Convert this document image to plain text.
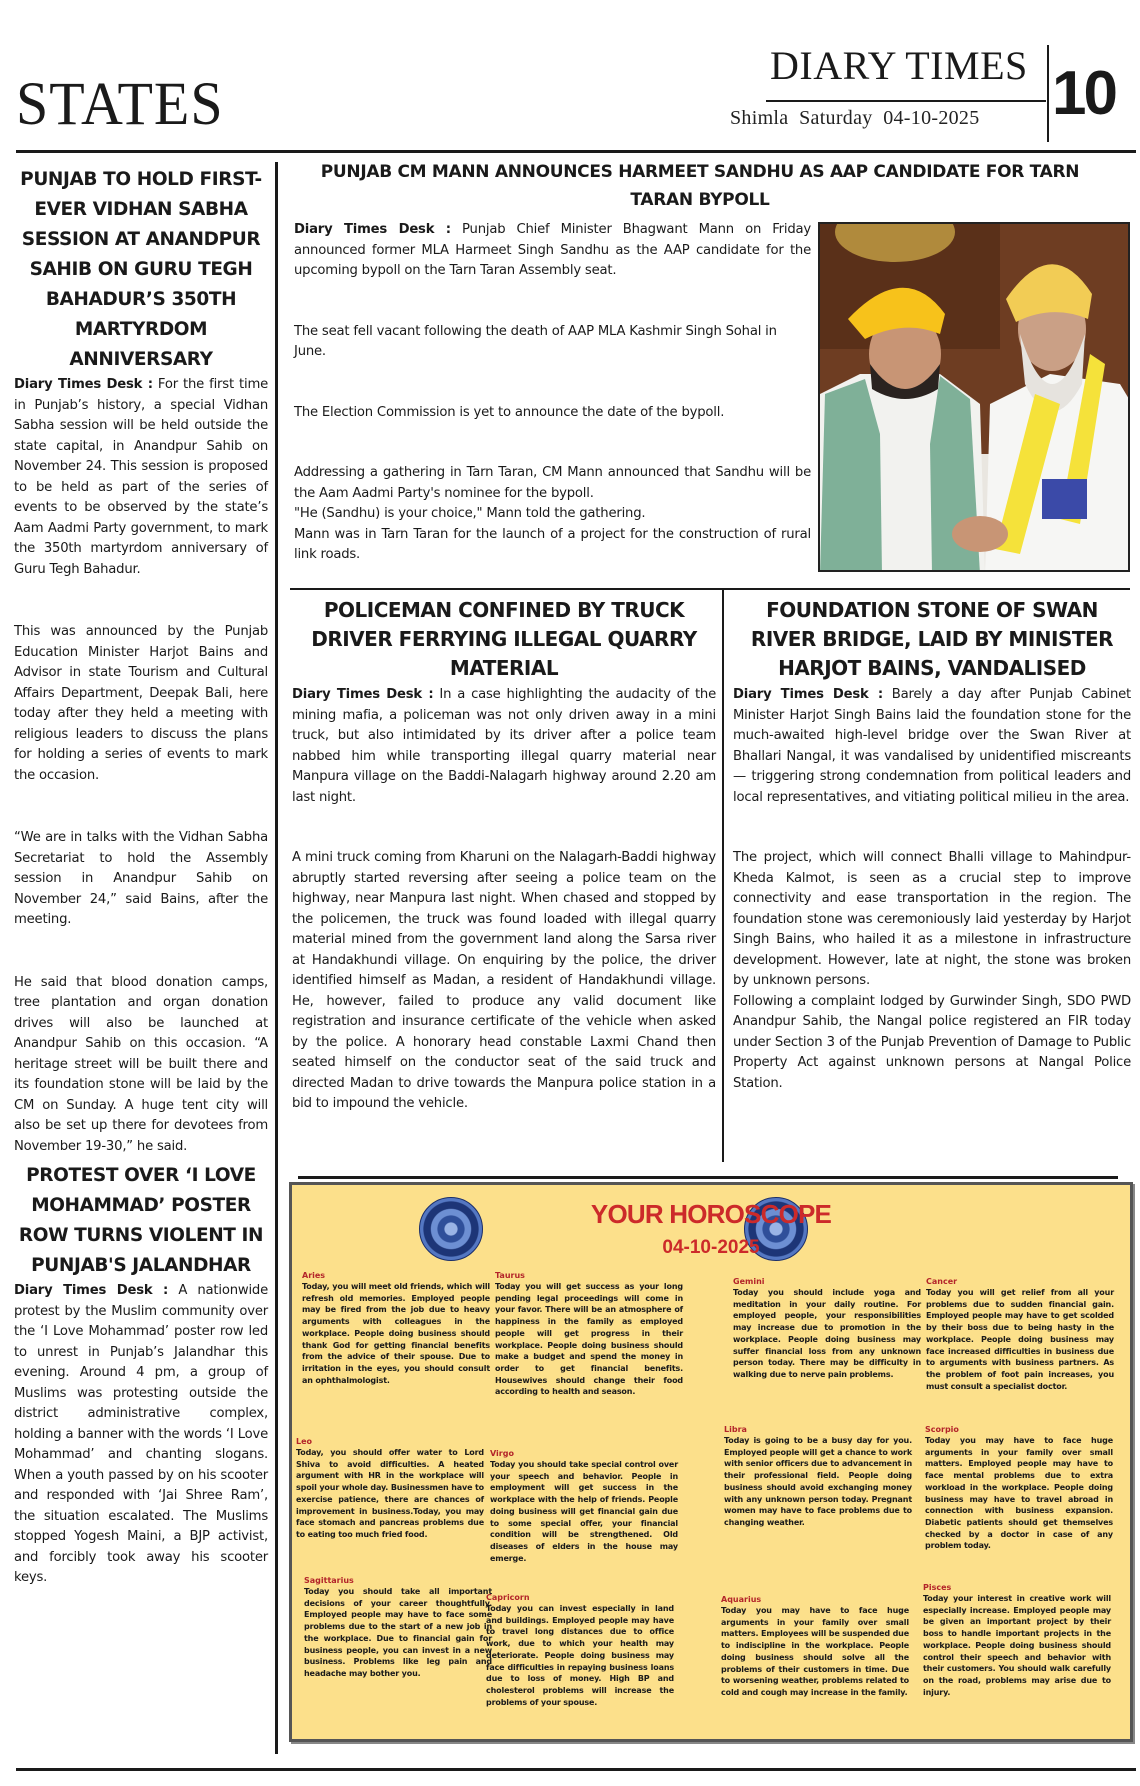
STATES
DIARY TIMES
Shimla Saturday 04-10-2025 10
PUNJAB TO HOLD FIRST-EVER VIDHAN SABHA SESSION AT ANANDPUR SAHIB ON GURU TEGH BAHADUR’S 350TH MARTYRDOM ANNIVERSARY

Diary Times Desk : For the first time in Punjab’s history, a special Vidhan Sabha session will be held outside the state capital, in Anandpur Sahib on November 24. This session is proposed to be held as part of the series of events to be observed by the state’s Aam Aadmi Party government, to mark the 350th martyrdom anniversary of Guru Tegh Bahadur.

This was announced by the Punjab Education Minister Harjot Bains and Advisor in state Tourism and Cultural Affairs Department, Deepak Bali, here today after they held a meeting with religious leaders to discuss the plans for holding a series of events to mark the occasion.

“We are in talks with the Vidhan Sabha Secretariat to hold the Assembly session in Anandpur Sahib on November 24,” said Bains, after the meeting.

He said that blood donation camps, tree plantation and organ donation drives will also be launched at Anandpur Sahib on this occasion. “A heritage street will be built there and its foundation stone will be laid by the CM on Sunday. A huge tent city will also be set up there for devotees from November 19-30,” he said.

PROTEST OVER ‘I LOVE MOHAMMAD’ POSTER ROW TURNS VIOLENT IN PUNJAB'S JALANDHAR

Diary Times Desk : A nationwide protest by the Muslim community over the ‘I Love Mohammad’ poster row led to unrest in Punjab’s Jalandhar this evening. Around 4 pm, a group of Muslims was protesting outside the district administrative complex, holding a banner with the words ‘I Love Mohammad’ and chanting slogans. When a youth passed by on his scooter and responded with ‘Jai Shree Ram’, the situation escalated. The Muslims stopped Yogesh Maini, a BJP activist, and forcibly took away his scooter keys.

PUNJAB CM MANN ANNOUNCES HARMEET SANDHU AS AAP CANDIDATE FOR TARN TARAN BYPOLL

Diary Times Desk : Punjab Chief Minister Bhagwant Mann on Friday announced former MLA Harmeet Singh Sandhu as the AAP candidate for the upcoming bypoll on the Tarn Taran Assembly seat.

The seat fell vacant following the death of AAP MLA Kashmir Singh Sohal in June.

The Election Commission is yet to announce the date of the bypoll.

Addressing a gathering in Tarn Taran, CM Mann announced that Sandhu will be the Aam Aadmi Party's nominee for the bypoll.

"He (Sandhu) is your choice," Mann told the gathering.

Mann was in Tarn Taran for the launch of a project for the construction of rural link roads.

POLICEMAN CONFINED BY TRUCK DRIVER FERRYING ILLEGAL QUARRY MATERIAL

Diary Times Desk : In a case highlighting the audacity of the mining mafia, a policeman was not only driven away in a mini truck, but also intimidated by its driver after a police team nabbed him while transporting illegal quarry material near Manpura village on the Baddi-Nalagarh highway around 2.20 am last night.

A mini truck coming from Kharuni on the Nalagarh-Baddi highway abruptly started reversing after seeing a police team on the highway, near Manpura last night. When chased and stopped by the policemen, the truck was found loaded with illegal quarry material mined from the government land along the Sarsa river at Handakhundi village. On enquiring by the police, the driver identified himself as Madan, a resident of Handakhundi village. He, however, failed to produce any valid document like registration and insurance certificate of the vehicle when asked by the police. A honorary head constable Laxmi Chand then seated himself on the conductor seat of the said truck and directed Madan to drive towards the Manpura police station in a bid to impound the vehicle.

FOUNDATION STONE OF SWAN RIVER BRIDGE, LAID BY MINISTER HARJOT BAINS, VANDALISED

Diary Times Desk : Barely a day after Punjab Cabinet Minister Harjot Singh Bains laid the foundation stone for the much-awaited high-level bridge over the Swan River at Bhallari Nangal, it was vandalised by unidentified miscreants — triggering strong condemnation from political leaders and local representatives, and vitiating political milieu in the area.

The project, which will connect Bhalli village to Mahindpur-Kheda Kalmot, is seen as a crucial step to improve connectivity and ease transportation in the region. The foundation stone was ceremoniously laid yesterday by Harjot Singh Bains, who hailed it as a milestone in infrastructure development. However, late at night, the stone was broken by unknown persons.

Following a complaint lodged by Gurwinder Singh, SDO PWD Anandpur Sahib, the Nangal police registered an FIR today under Section 3 of the Punjab Prevention of Damage to Public Property Act against unknown persons at Nangal Police Station.

YOUR HOROSCOPE
04-10-2025
Aries
Today, you will meet old friends, which will refresh old memories. Employed people may be fired from the job due to heavy arguments with colleagues in the workplace. People doing business should thank God for getting financial benefits from the advice of their spouse. Due to irritation in the eyes, you should consult an ophthalmologist.
Taurus
Today you will get success as your long pending legal proceedings will come in your favor. There will be an atmosphere of happiness in the family as employed people will get progress in their workplace. People doing business should make a budget and spend the money in order to get financial benefits. Housewives should change their food according to health and season.
Gemini
Today you should include yoga and meditation in your daily routine. For employed people, your responsibilities may increase due to promotion in the workplace. People doing business may suffer financial loss from any unknown person today. There may be difficulty in walking due to nerve pain problems.
Cancer
Today you will get relief from all your problems due to sudden financial gain. Employed people may have to get scolded by their boss due to being hasty in the workplace. People doing business may face increased difficulties in business due to arguments with business partners. As the problem of foot pain increases, you must consult a specialist doctor.
Leo
Today, you should offer water to Lord Shiva to avoid difficulties. A heated argument with HR in the workplace will spoil your whole day. Businessmen have to exercise patience, there are chances of improvement in business.Today, you may face stomach and pancreas problems due to eating too much fried food.
Virgo
Today you should take special control over your speech and behavior. People in employment will get success in the workplace with the help of friends. People doing business will get financial gain due to some special offer, your financial condition will be strengthened. Old diseases of elders in the house may emerge.
Libra
Today is going to be a busy day for you. Employed people will get a chance to work with senior officers due to advancement in their professional field. People doing business should avoid exchanging money with any unknown person today. Pregnant women may have to face problems due to changing weather.
Scorpio
Today you may have to face huge arguments in your family over small matters. Employed people may have to face mental problems due to extra workload in the workplace. People doing business may have to travel abroad in connection with business expansion. Diabetic patients should get themselves checked by a doctor in case of any problem today.
Sagittarius
Today you should take all important decisions of your career thoughtfully. Employed people may have to face some problems due to the start of a new job in the workplace. Due to financial gain for business people, you can invest in a new business. Problems like leg pain and headache may bother you.
Capricorn
Today you can invest especially in land and buildings. Employed people may have to travel long distances due to office work, due to which your health may deteriorate. People doing business may face difficulties in repaying business loans due to loss of money. High BP and cholesterol problems will increase the problems of your spouse.
Aquarius
Today you may have to face huge arguments in your family over small matters. Employees will be suspended due to indiscipline in the workplace. People doing business should solve all the problems of their customers in time. Due to worsening weather, problems related to cold and cough may increase in the family.
Pisces
Today your interest in creative work will especially increase. Employed people may be given an important project by their boss to handle important projects in the workplace. People doing business should control their speech and behavior with their customers. You should walk carefully on the road, problems may arise due to injury.
